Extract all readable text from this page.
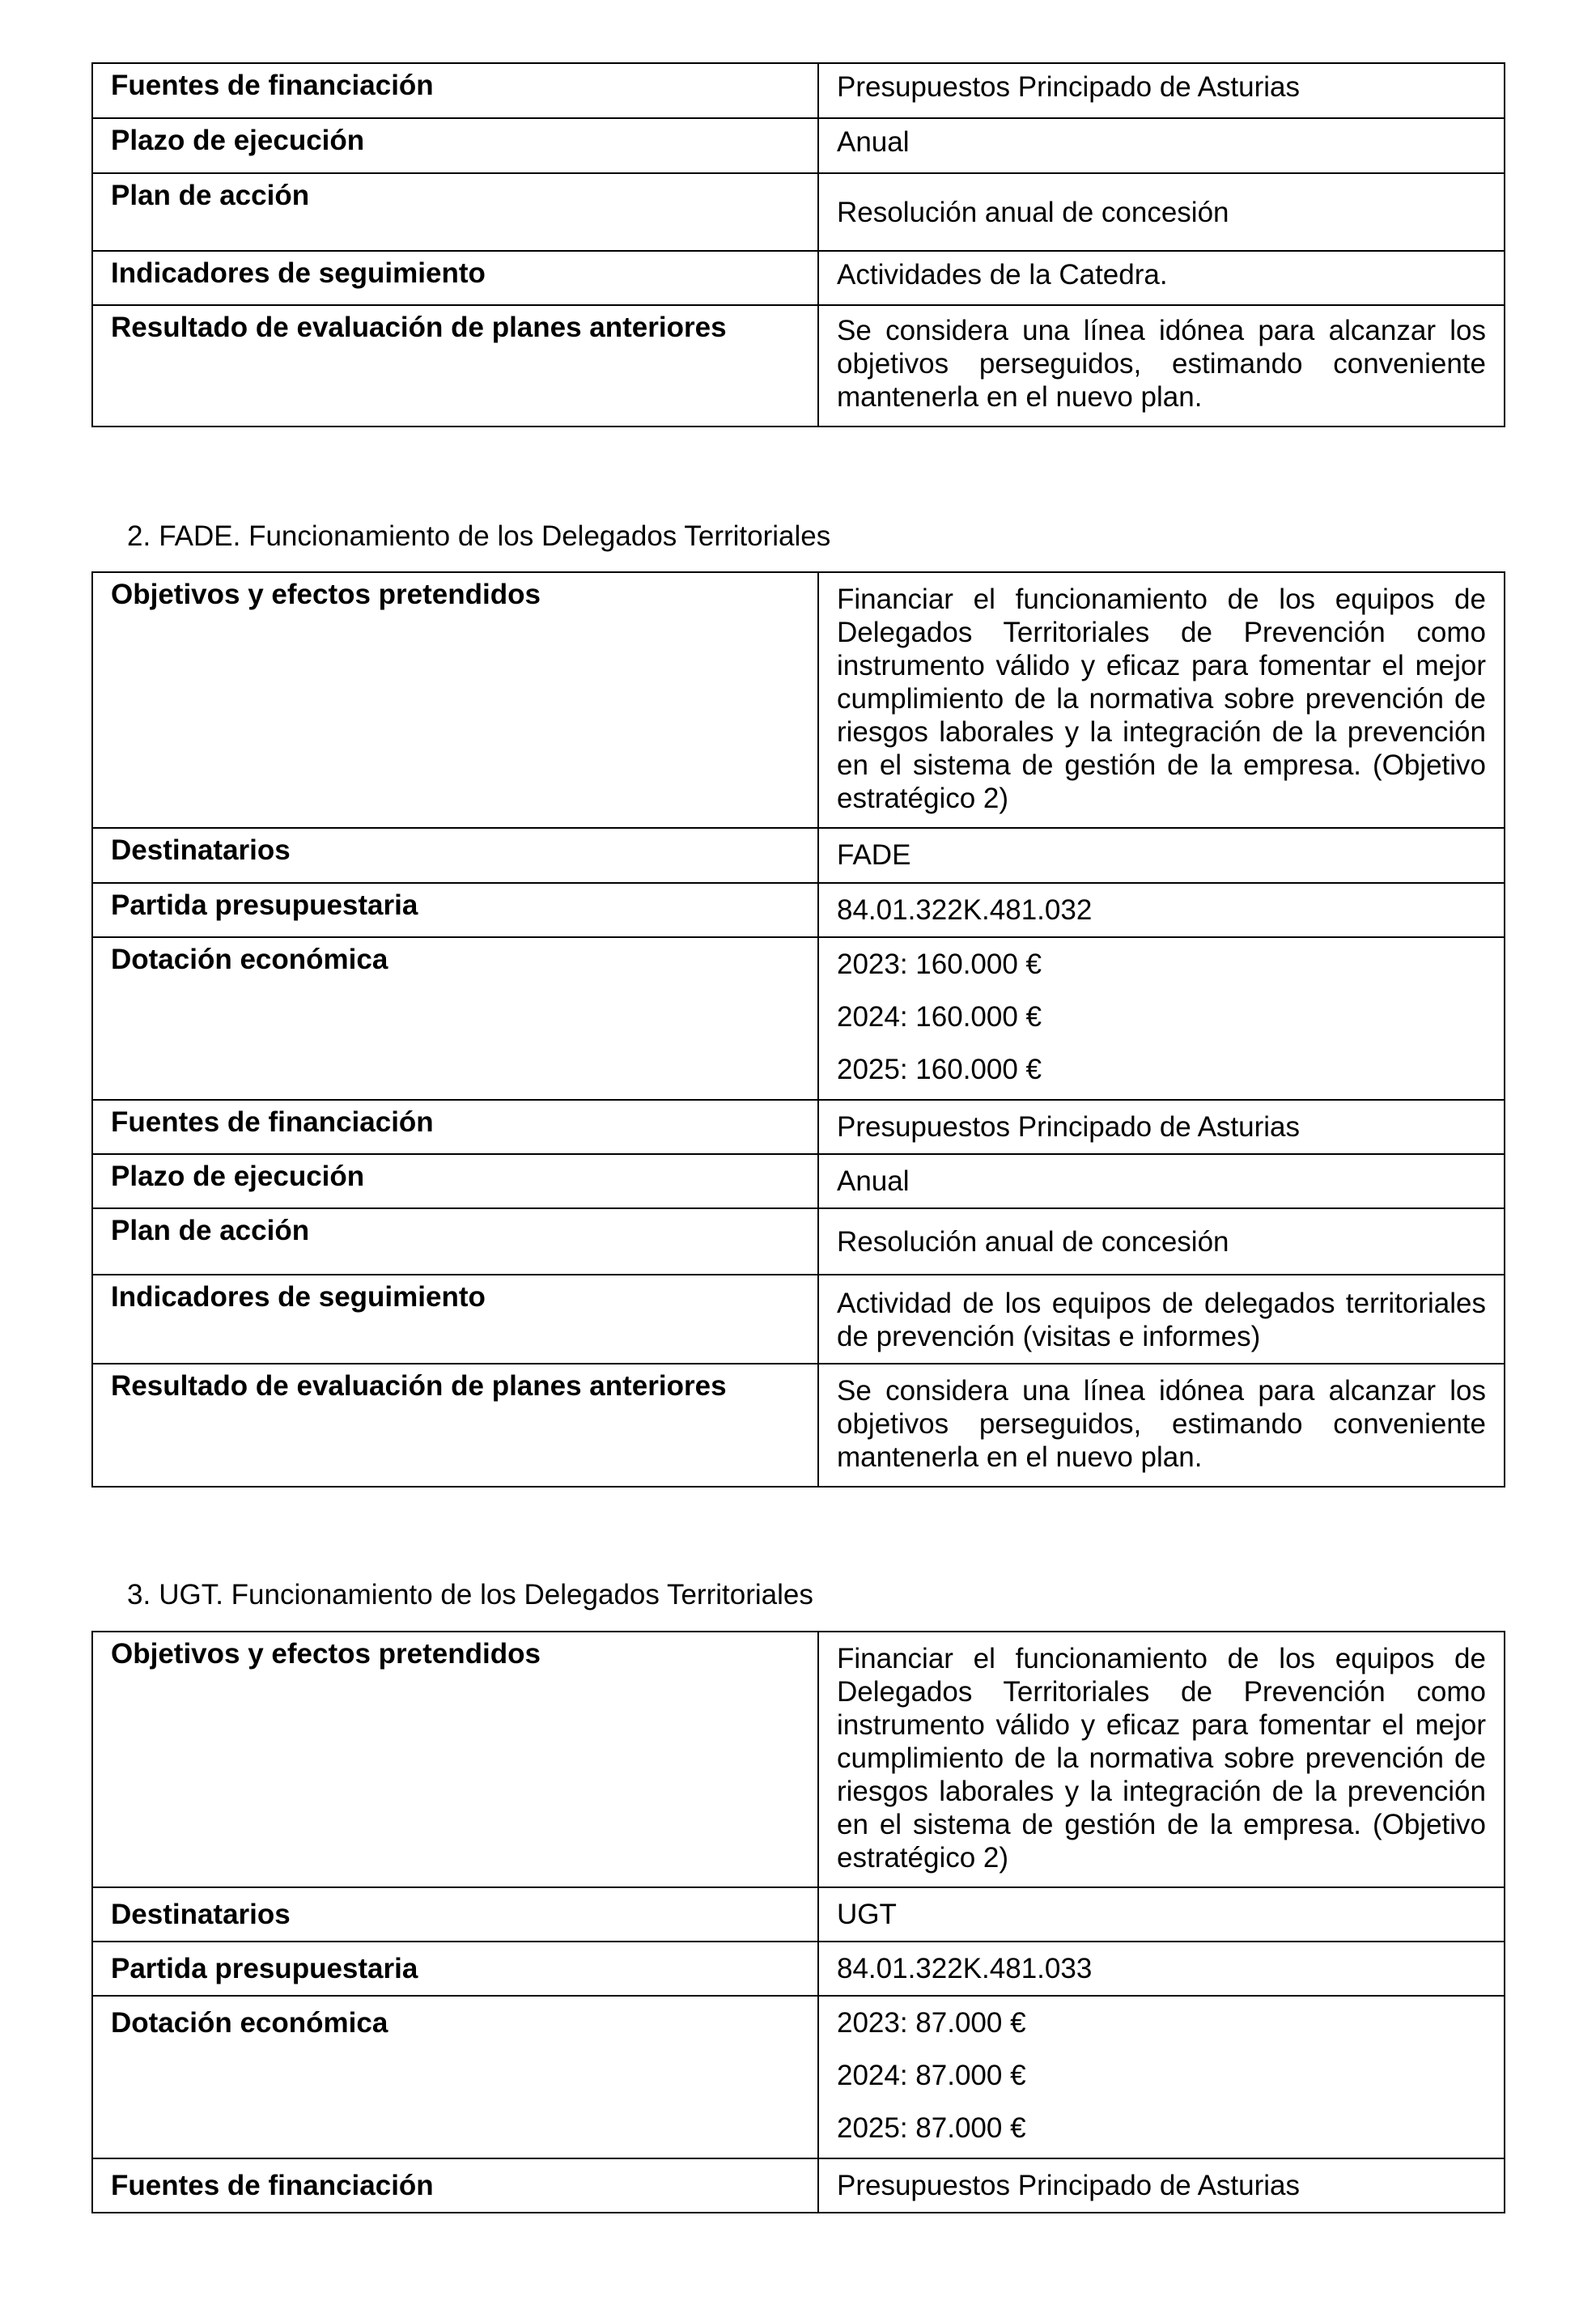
Fuentes de financiación	Presupuestos Principado de Asturias
Plazo de ejecución	Anual
Plan de acción	Resolución anual de concesión
Indicadores de seguimiento	Actividades de la Catedra.
Resultado de evaluación de planes anteriores	Se considera una línea idónea para alcanzar los objetivos perseguidos, estimando conveniente mantenerla en el nuevo plan.
2. FADE. Funcionamiento de los Delegados Territoriales
Objetivos y efectos pretendidos	Financiar el funcionamiento de los equipos de Delegados Territoriales de Prevención como instrumento válido y eficaz para fomentar el mejor cumplimiento de la normativa sobre prevención de riesgos laborales y la integración de la prevención en el sistema de gestión de la empresa. (Objetivo estratégico 2)
Destinatarios	FADE
Partida presupuestaria	84.01.322K.481.032
Dotación económica	2023: 160.000 €
2024: 160.000 €
2025: 160.000 €

Fuentes de financiación	Presupuestos Principado de Asturias
Plazo de ejecución	Anual
Plan de acción	Resolución anual de concesión
Indicadores de seguimiento	Actividad de los equipos de delegados territoriales de prevención (visitas e informes)
Resultado de evaluación de planes anteriores	Se considera una línea idónea para alcanzar los objetivos perseguidos, estimando conveniente mantenerla en el nuevo plan.
3. UGT. Funcionamiento de los Delegados Territoriales
Objetivos y efectos pretendidos	Financiar el funcionamiento de los equipos de Delegados Territoriales de Prevención como instrumento válido y eficaz para fomentar el mejor cumplimiento de la normativa sobre prevención de riesgos laborales y la integración de la prevención en el sistema de gestión de la empresa. (Objetivo estratégico 2)
Destinatarios	UGT
Partida presupuestaria	84.01.322K.481.033
Dotación económica	2023: 87.000 €
2024: 87.000 €
2025: 87.000 €

Fuentes de financiación	Presupuestos Principado de Asturias
